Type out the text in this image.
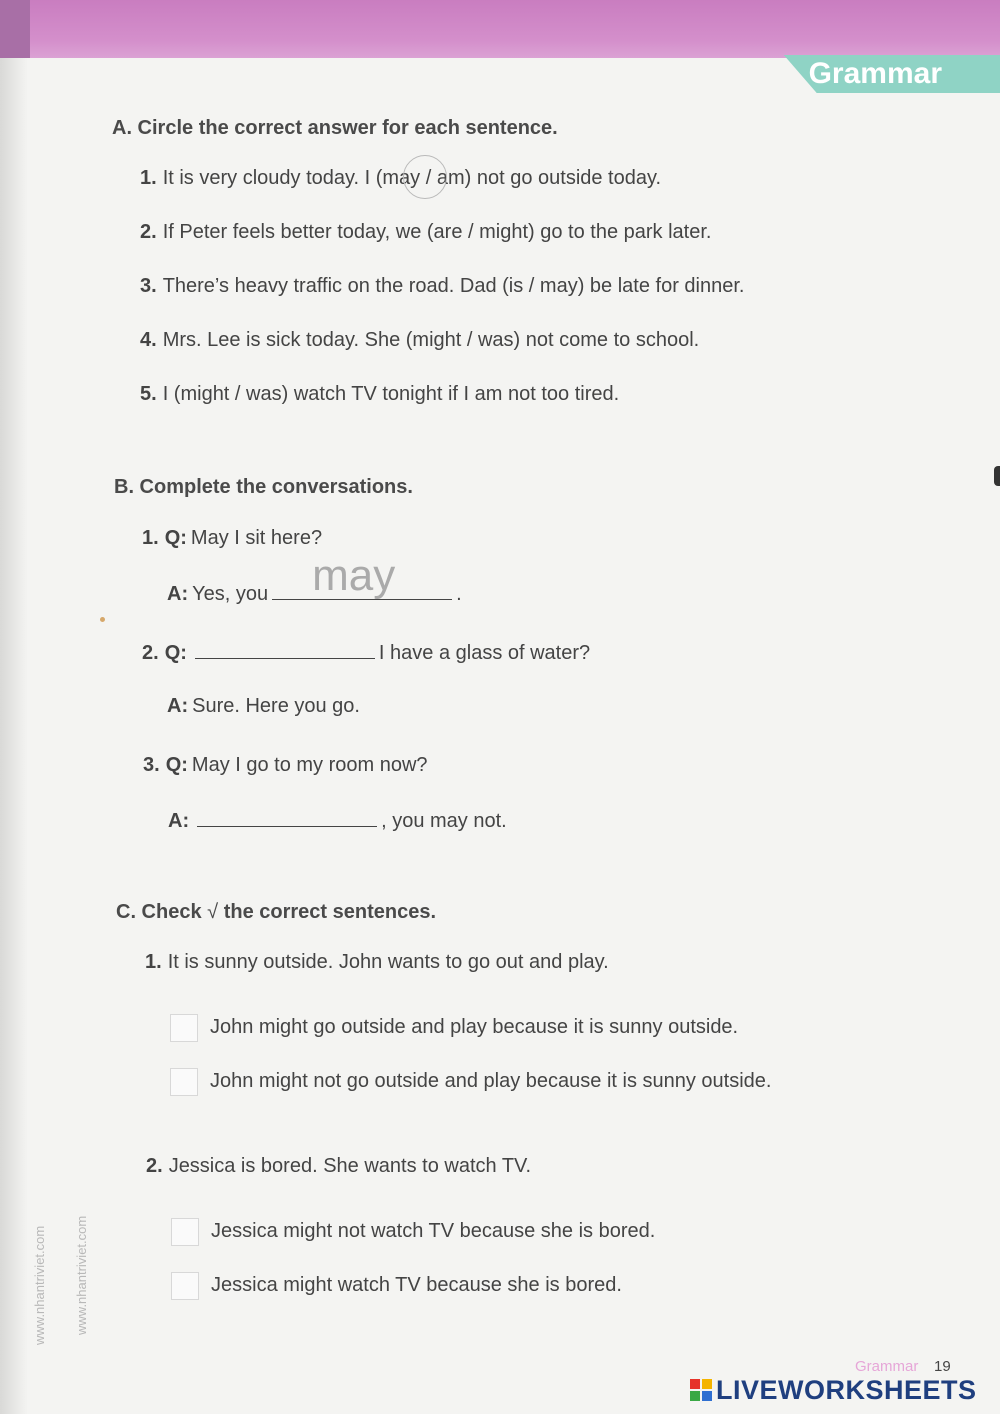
Grammar
A. Circle the correct answer for each sentence.
1. It is very cloudy today. I (may / am) not go outside today.
2. If Peter feels better today, we (are / might) go to the park later.
3. There’s heavy traffic on the road. Dad (is / may) be late for dinner.
4. Mrs. Lee is sick today. She (might / was) not come to school.
5. I (might / was) watch TV tonight if I am not too tired.
B. Complete the conversations.
1. Q: May I sit here?
A: Yes, you may	.
2. Q:	I have a glass of water?
A: Sure. Here you go.
3. Q: May I go to my room now?
A:	, you may not.
C. Check √ the correct sentences.
1. It is sunny outside. John wants to go out and play.
John might go outside and play because it is sunny outside.
John might not go outside and play because it is sunny outside.
2. Jessica is bored. She wants to watch TV.
Jessica might not watch TV because she is bored.
Jessica might watch TV because she is bored.
www.nhantriviet.com www.nhantriviet.com
Grammar 19
LIVEWORKSHEETS
